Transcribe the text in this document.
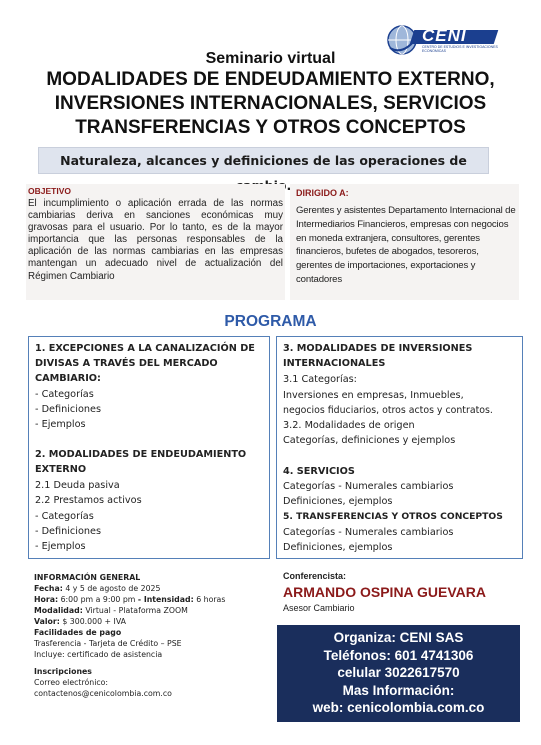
CENI
CENTRO DE ESTUDIOS E INVESTIGACIONES ECONOMICAS
Seminario virtual
MODALIDADES DE ENDEUDAMIENTO EXTERNO,
INVERSIONES INTERNACIONALES, SERVICIOS
TRANSFERENCIAS Y OTROS CONCEPTOS
Naturaleza, alcances y definiciones de las operaciones de
OBJETIVO
El incumplimiento o aplicación errada de las normas cambiarias deriva en sanciones económicas muy gravosas para el usuario. Por lo tanto, es de la mayor importancia que las personas responsables de la aplicación de las normas cambiarias en las empresas mantengan un adecuado nivel de actualización del Régimen Cambiario
DIRIGIDO A:
Gerentes y asistentes Departamento Internacional de Intermediarios Financieros, empresas con negocios en moneda extranjera, consultores, gerentes financieros, bufetes de abogados, tesoreros, gerentes de importaciones, exportaciones y contadores
PROGRAMA
1. EXCEPCIONES A LA CANALIZACIÓN DE
DIVISAS A TRAVÉS DEL MERCADO
CAMBIARIO:
- Categorías
- Definiciones
- Ejemplos
2. MODALIDADES DE ENDEUDAMIENTO
EXTERNO
2.1 Deuda pasiva
2.2 Prestamos activos
- Categorías
- Definiciones
- Ejemplos
3. MODALIDADES DE INVERSIONES
INTERNACIONALES
3.1 Categorías:
Inversiones en empresas, Inmuebles,
negocios fiduciarios, otros actos y contratos.
3.2. Modalidades de origen
Categorías, definiciones y ejemplos
4. SERVICIOS
Categorías - Numerales cambiarios
Definiciones, ejemplos
5. TRANSFERENCIAS Y OTROS CONCEPTOS
Categorías - Numerales cambiarios
Definiciones, ejemplos
INFORMACIÓN GENERAL
Fecha: 4 y 5 de agosto de 2025
Hora: 6:00 pm a 9:00 pm - Intensidad: 6 horas
Modalidad: Virtual - Plataforma ZOOM
Valor: $ 300.000 + IVA
Facilidades de pago
Trasferencia - Tarjeta de Crédito – PSE
Incluye: certificado de asistencia
Inscripciones
Correo electrónico:
contactenos@cenicolombia.com.co
Conferencista:
ARMANDO OSPINA GUEVARA
Asesor Cambiario
Organiza: CENI SAS
Teléfonos: 601 4741306
celular 3022617570
Mas Información:
web: cenicolombia.com.co
